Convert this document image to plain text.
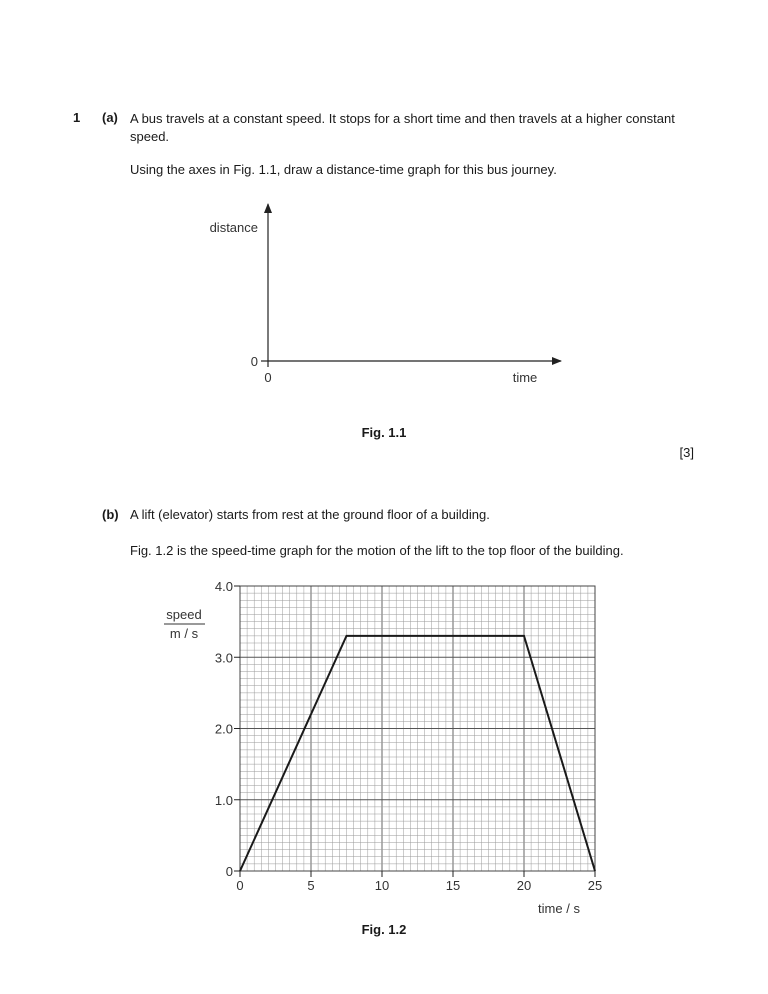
1 (a) A bus travels at a constant speed. It stops for a short time and then travels at a higher constant speed.
Using the axes in Fig. 1.1, draw a distance-time graph for this bus journey.
distance
time
0
0
Fig. 1.1
[3]
(b) A lift (elevator) starts from rest at the ground floor of a building.
Fig. 1.2 is the speed-time graph for the motion of the lift to the top floor of the building.
0	5	10	15	20	25
0
1.0
2.0
3.0
4.0
speed
m / s
time / s
Fig. 1.2
